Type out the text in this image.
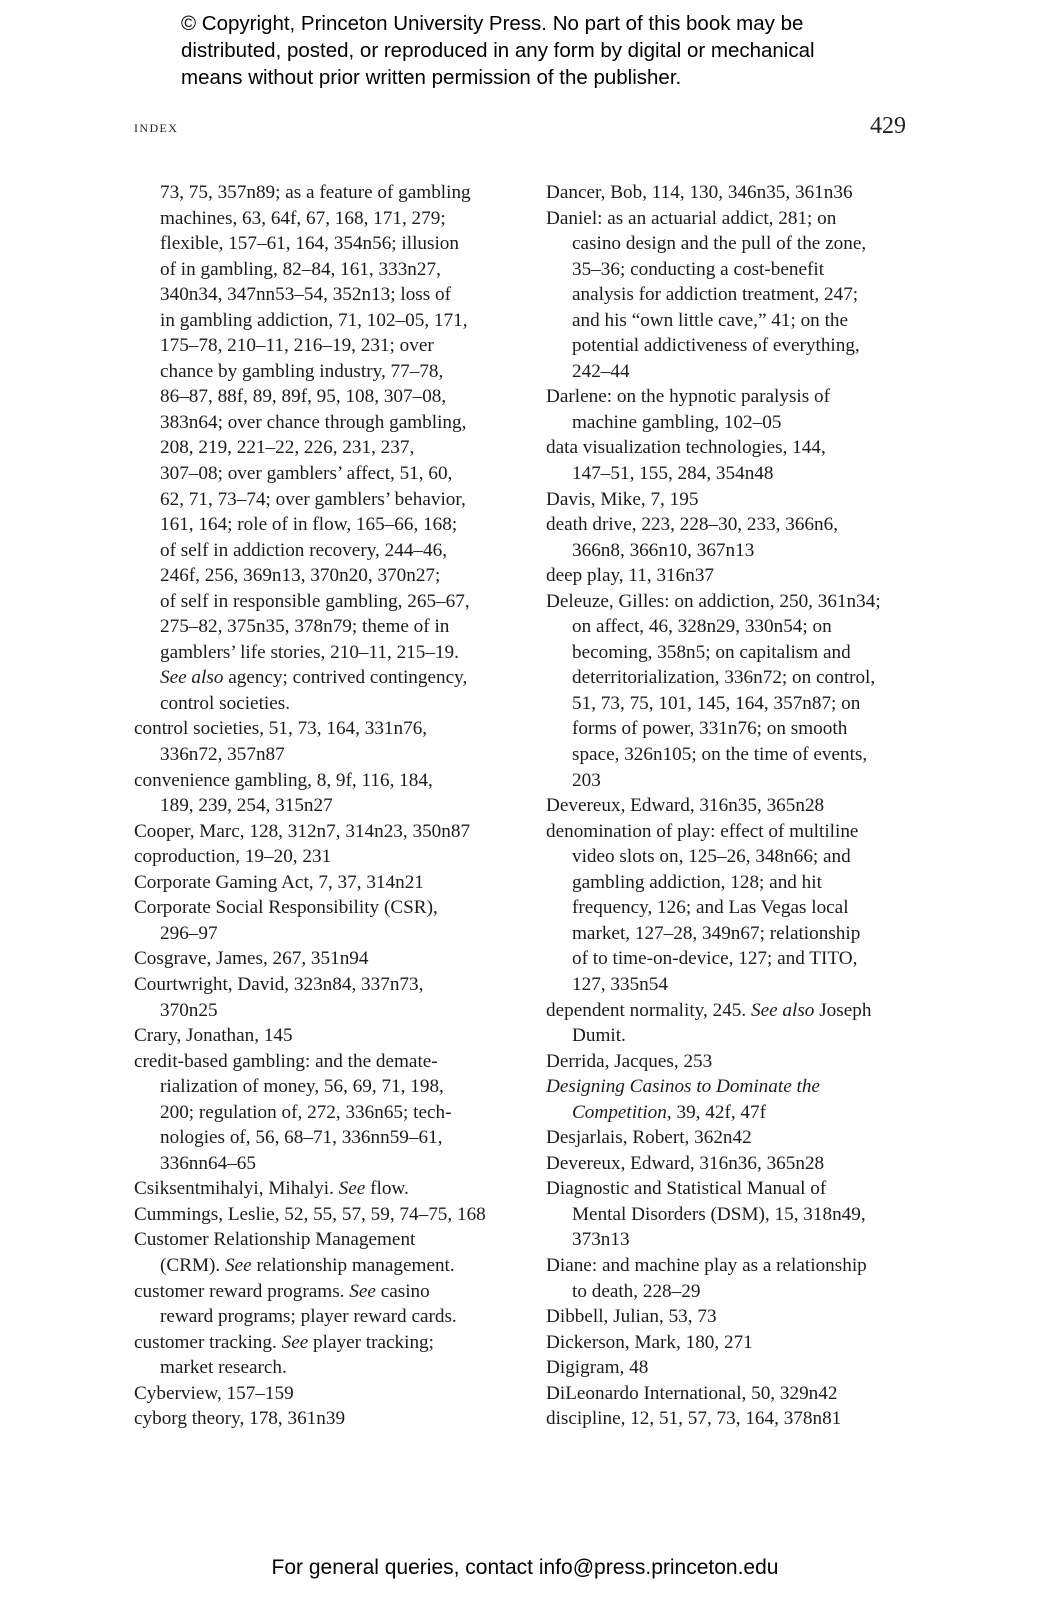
© Copyright, Princeton University Press. No part of this book may be
distributed, posted, or reproduced in any form by digital or mechanical
means without prior written permission of the publisher.
index	429
73, 75, 357n89; as a feature of gambling
machines, 63, 64f, 67, 168, 171, 279;
flexible, 157–61, 164, 354n56; illusion
of in gambling, 82–84, 161, 333n27,
340n34, 347nn53–54, 352n13; loss of
in gambling addiction, 71, 102–05, 171,
175–78, 210–11, 216–19, 231; over
chance by gambling industry, 77–78,
86–87, 88f, 89, 89f, 95, 108, 307–08,
383n64; over chance through gambling,
208, 219, 221–22, 226, 231, 237,
307–08; over gamblers’ affect, 51, 60,
62, 71, 73–74; over gamblers’ behavior,
161, 164; role of in flow, 165–66, 168;
of self in addiction recovery, 244–46,
246f, 256, 369n13, 370n20, 370n27;
of self in responsible gambling, 265–67,
275–82, 375n35, 378n79; theme of in
gamblers’ life stories, 210–11, 215–19.
See also agency; contrived contingency,
control societies.
control societies, 51, 73, 164, 331n76,
336n72, 357n87
convenience gambling, 8, 9f, 116, 184,
189, 239, 254, 315n27
Cooper, Marc, 128, 312n7, 314n23, 350n87
coproduction, 19–20, 231
Corporate Gaming Act, 7, 37, 314n21
Corporate Social Responsibility (CSR),
296–97
Cosgrave, James, 267, 351n94
Courtwright, David, 323n84, 337n73,
370n25
Crary, Jonathan, 145
credit-based gambling: and the demate-
rialization of money, 56, 69, 71, 198,
200; regulation of, 272, 336n65; tech-
nologies of, 56, 68–71, 336nn59–61,
336nn64–65
Csiksentmihalyi, Mihalyi. See flow.
Cummings, Leslie, 52, 55, 57, 59, 74–75, 168
Customer Relationship Management
(CRM). See relationship management.
customer reward programs. See casino
reward programs; player reward cards.
customer tracking. See player tracking;
market research.
Cyberview, 157–159
cyborg theory, 178, 361n39
Dancer, Bob, 114, 130, 346n35, 361n36
Daniel: as an actuarial addict, 281; on
casino design and the pull of the zone,
35–36; conducting a cost-benefit
analysis for addiction treatment, 247;
and his “own little cave,” 41; on the
potential addictiveness of everything,
242–44
Darlene: on the hypnotic paralysis of
machine gambling, 102–05
data visualization technologies, 144,
147–51, 155, 284, 354n48
Davis, Mike, 7, 195
death drive, 223, 228–30, 233, 366n6,
366n8, 366n10, 367n13
deep play, 11, 316n37
Deleuze, Gilles: on addiction, 250, 361n34;
on affect, 46, 328n29, 330n54; on
becoming, 358n5; on capitalism and
deterritorialization, 336n72; on control,
51, 73, 75, 101, 145, 164, 357n87; on
forms of power, 331n76; on smooth
space, 326n105; on the time of events,
203
Devereux, Edward, 316n35, 365n28
denomination of play: effect of multiline
video slots on, 125–26, 348n66; and
gambling addiction, 128; and hit
frequency, 126; and Las Vegas local
market, 127–28, 349n67; relationship
of to time-on-device, 127; and TITO,
127, 335n54
dependent normality, 245. See also Joseph
Dumit.
Derrida, Jacques, 253
Designing Casinos to Dominate the
Competition, 39, 42f, 47f
Desjarlais, Robert, 362n42
Devereux, Edward, 316n36, 365n28
Diagnostic and Statistical Manual of
Mental Disorders (DSM), 15, 318n49,
373n13
Diane: and machine play as a relationship
to death, 228–29
Dibbell, Julian, 53, 73
Dickerson, Mark, 180, 271
Digigram, 48
DiLeonardo International, 50, 329n42
discipline, 12, 51, 57, 73, 164, 378n81
For general queries, contact info@press.princeton.edu
